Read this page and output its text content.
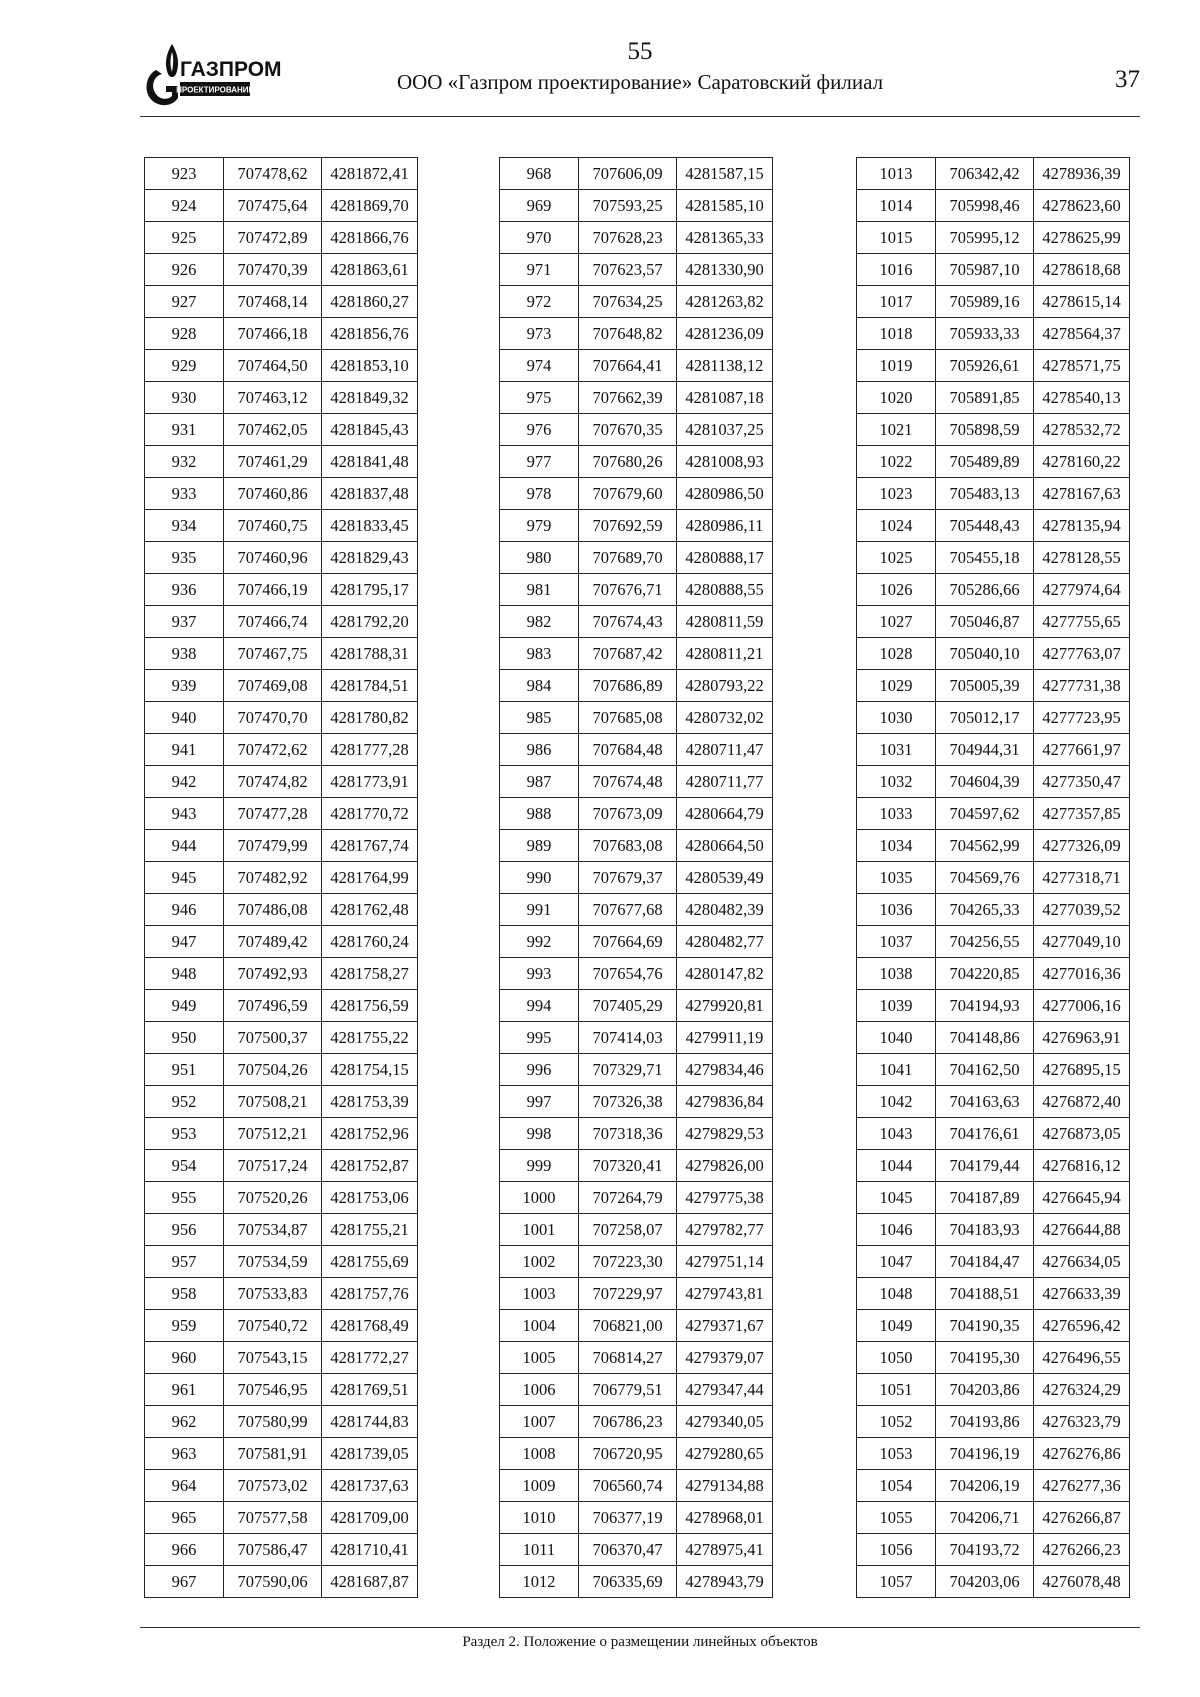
ГАЗПРОМ
ПРОЕКТИРОВАНИЕ
55
ООО «Газпром проектирование» Саратовский филиал	37
923	707478,62	4281872,41
924	707475,64	4281869,70
925	707472,89	4281866,76
926	707470,39	4281863,61
927	707468,14	4281860,27
928	707466,18	4281856,76
929	707464,50	4281853,10
930	707463,12	4281849,32
931	707462,05	4281845,43
932	707461,29	4281841,48
933	707460,86	4281837,48
934	707460,75	4281833,45
935	707460,96	4281829,43
936	707466,19	4281795,17
937	707466,74	4281792,20
938	707467,75	4281788,31
939	707469,08	4281784,51
940	707470,70	4281780,82
941	707472,62	4281777,28
942	707474,82	4281773,91
943	707477,28	4281770,72
944	707479,99	4281767,74
945	707482,92	4281764,99
946	707486,08	4281762,48
947	707489,42	4281760,24
948	707492,93	4281758,27
949	707496,59	4281756,59
950	707500,37	4281755,22
951	707504,26	4281754,15
952	707508,21	4281753,39
953	707512,21	4281752,96
954	707517,24	4281752,87
955	707520,26	4281753,06
956	707534,87	4281755,21
957	707534,59	4281755,69
958	707533,83	4281757,76
959	707540,72	4281768,49
960	707543,15	4281772,27
961	707546,95	4281769,51
962	707580,99	4281744,83
963	707581,91	4281739,05
964	707573,02	4281737,63
965	707577,58	4281709,00
966	707586,47	4281710,41
967	707590,06	4281687,87
968	707606,09	4281587,15
969	707593,25	4281585,10
970	707628,23	4281365,33
971	707623,57	4281330,90
972	707634,25	4281263,82
973	707648,82	4281236,09
974	707664,41	4281138,12
975	707662,39	4281087,18
976	707670,35	4281037,25
977	707680,26	4281008,93
978	707679,60	4280986,50
979	707692,59	4280986,11
980	707689,70	4280888,17
981	707676,71	4280888,55
982	707674,43	4280811,59
983	707687,42	4280811,21
984	707686,89	4280793,22
985	707685,08	4280732,02
986	707684,48	4280711,47
987	707674,48	4280711,77
988	707673,09	4280664,79
989	707683,08	4280664,50
990	707679,37	4280539,49
991	707677,68	4280482,39
992	707664,69	4280482,77
993	707654,76	4280147,82
994	707405,29	4279920,81
995	707414,03	4279911,19
996	707329,71	4279834,46
997	707326,38	4279836,84
998	707318,36	4279829,53
999	707320,41	4279826,00
1000	707264,79	4279775,38
1001	707258,07	4279782,77
1002	707223,30	4279751,14
1003	707229,97	4279743,81
1004	706821,00	4279371,67
1005	706814,27	4279379,07
1006	706779,51	4279347,44
1007	706786,23	4279340,05
1008	706720,95	4279280,65
1009	706560,74	4279134,88
1010	706377,19	4278968,01
1011	706370,47	4278975,41
1012	706335,69	4278943,79
1013	706342,42	4278936,39
1014	705998,46	4278623,60
1015	705995,12	4278625,99
1016	705987,10	4278618,68
1017	705989,16	4278615,14
1018	705933,33	4278564,37
1019	705926,61	4278571,75
1020	705891,85	4278540,13
1021	705898,59	4278532,72
1022	705489,89	4278160,22
1023	705483,13	4278167,63
1024	705448,43	4278135,94
1025	705455,18	4278128,55
1026	705286,66	4277974,64
1027	705046,87	4277755,65
1028	705040,10	4277763,07
1029	705005,39	4277731,38
1030	705012,17	4277723,95
1031	704944,31	4277661,97
1032	704604,39	4277350,47
1033	704597,62	4277357,85
1034	704562,99	4277326,09
1035	704569,76	4277318,71
1036	704265,33	4277039,52
1037	704256,55	4277049,10
1038	704220,85	4277016,36
1039	704194,93	4277006,16
1040	704148,86	4276963,91
1041	704162,50	4276895,15
1042	704163,63	4276872,40
1043	704176,61	4276873,05
1044	704179,44	4276816,12
1045	704187,89	4276645,94
1046	704183,93	4276644,88
1047	704184,47	4276634,05
1048	704188,51	4276633,39
1049	704190,35	4276596,42
1050	704195,30	4276496,55
1051	704203,86	4276324,29
1052	704193,86	4276323,79
1053	704196,19	4276276,86
1054	704206,19	4276277,36
1055	704206,71	4276266,87
1056	704193,72	4276266,23
1057	704203,06	4276078,48
Раздел 2. Положение о размещении линейных объектов
